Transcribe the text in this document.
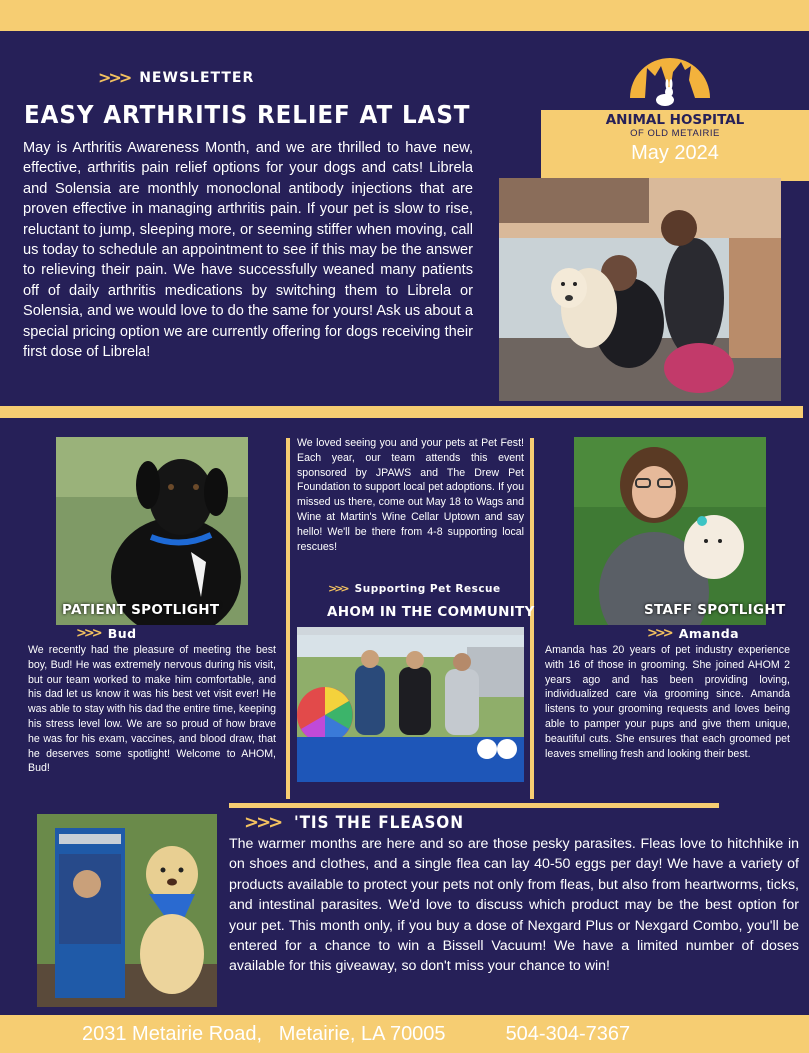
>>> NEWSLETTER
EASY ARTHRITIS RELIEF AT LAST
May is Arthritis Awareness Month, and we are thrilled to have new, effective, arthritis pain relief options for your dogs and cats! Librela and Solensia are monthly monoclonal antibody injections that are proven effective in managing arthritis pain. If your pet is slow to rise, reluctant to jump, sleeping more, or seeming stiffer when moving, call us today to schedule an appointment to see if this may be the answer to relieving their pain. We have successfully weaned many patients off of daily arthritis medications by switching them to Librela or Solensia, and we would love to do the same for yours! Ask us about a special pricing option we are currently offering for dogs receiving their first dose of Librela!
ANIMAL HOSPITAL
OF OLD METAIRIE
May 2024
PATIENT SPOTLIGHT
>>> Bud
We recently had the pleasure of meeting the best boy, Bud! He was extremely nervous during his visit, but our team worked to make him comfortable, and his dad let us know it was his best vet visit ever! He was able to stay with his dad the entire time, keeping his stress level low. We are so proud of how brave he was for his exam, vaccines, and blood draw, that he deserves some spotlight! Welcome to AHOM, Bud!
We loved seeing you and your pets at Pet Fest! Each year, our team attends this event sponsored by JPAWS and The Drew Pet Foundation to support local pet adoptions. If you missed us there, come out May 18 to Wags and Wine at Martin's Wine Cellar Uptown and say hello! We'll be there from 4-8 supporting local rescues!
>>> Supporting Pet Rescue
AHOM IN THE COMMUNITY	STAFF SPOTLIGHT
>>> Amanda
Amanda has 20 years of pet industry experience with 16 of those in grooming. She joined AHOM 2 years ago and has been providing loving, individualized care via grooming since. Amanda listens to your grooming requests and loves being able to pamper your pups and give them unique, beautiful cuts. She ensures that each groomed pet leaves smelling fresh and looking their best.
>>> 'TIS THE FLEASON
The warmer months are here and so are those pesky parasites. Fleas love to hitchhike in on shoes and clothes, and a single flea can lay 40-50 eggs per day! We have a variety of products available to protect your pets not only from fleas, but also from heartworms, ticks, and intestinal parasites. We'd love to discuss which product may be the best option for your pet. This month only, if you buy a dose of Nexgard Plus or Nexgard Combo, you'll be entered for a chance to win a Bissell Vacuum! We have a limited number of doses available for this giveaway, so don't miss your chance to win!
2031 Metairie Road,   Metairie, LA 70005	504-304-7367
